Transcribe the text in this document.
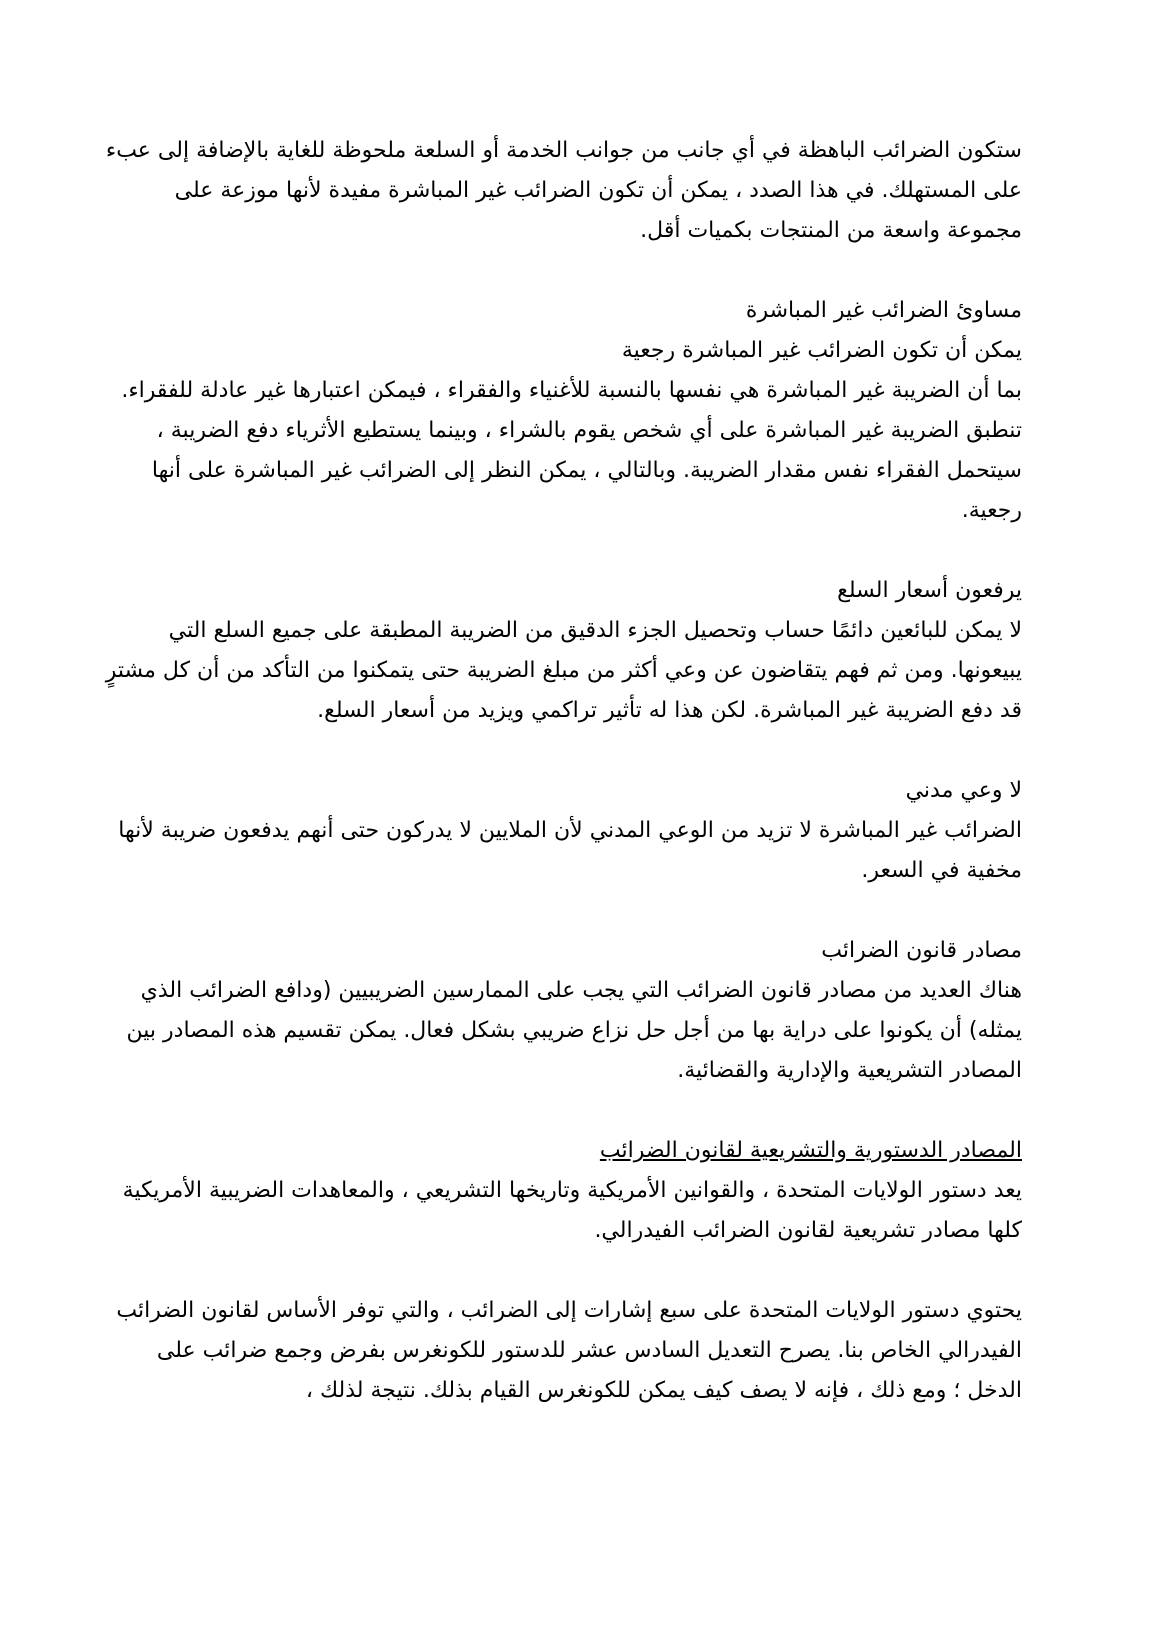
ستكون الضرائب الباهظة في أي جانب من جوانب الخدمة أو السلعة ملحوظة للغاية بالإضافة إلى عبء على المستهلك. في هذا الصدد ، يمكن أن تكون الضرائب غير المباشرة مفيدة لأنها موزعة على مجموعة واسعة من المنتجات بكميات أقل.

مساوئ الضرائب غير المباشرة

يمكن أن تكون الضرائب غير المباشرة رجعية

بما أن الضريبة غير المباشرة هي نفسها بالنسبة للأغنياء والفقراء ، فيمكن اعتبارها غير عادلة للفقراء. تنطبق الضريبة غير المباشرة على أي شخص يقوم بالشراء ، وبينما يستطيع الأثرياء دفع الضريبة ، سيتحمل الفقراء نفس مقدار الضريبة. وبالتالي ، يمكن النظر إلى الضرائب غير المباشرة على أنها رجعية.

يرفعون أسعار السلع

لا يمكن للبائعين دائمًا حساب وتحصيل الجزء الدقيق من الضريبة المطبقة على جميع السلع التي يبيعونها. ومن ثم فهم يتقاضون عن وعي أكثر من مبلغ الضريبة حتى يتمكنوا من التأكد من أن كل مشترٍ قد دفع الضريبة غير المباشرة. لكن هذا له تأثير تراكمي ويزيد من أسعار السلع.

لا وعي مدني

الضرائب غير المباشرة لا تزيد من الوعي المدني لأن الملايين لا يدركون حتى أنهم يدفعون ضريبة لأنها مخفية في السعر.

مصادر قانون الضرائب

هناك العديد من مصادر قانون الضرائب التي يجب على الممارسين الضريبيين (ودافع الضرائب الذي يمثله) أن يكونوا على دراية بها من أجل حل نزاع ضريبي بشكل فعال. يمكن تقسيم هذه المصادر بين المصادر التشريعية والإدارية والقضائية.

المصادر الدستورية والتشريعية لقانون الضرائب

يعد دستور الولايات المتحدة ، والقوانين الأمريكية وتاريخها التشريعي ، والمعاهدات الضريبية الأمريكية كلها مصادر تشريعية لقانون الضرائب الفيدرالي.

يحتوي دستور الولايات المتحدة على سبع إشارات إلى الضرائب ، والتي توفر الأساس لقانون الضرائب الفيدرالي الخاص بنا. يصرح التعديل السادس عشر للدستور للكونغرس بفرض وجمع ضرائب على الدخل ؛ ومع ذلك ، فإنه لا يصف كيف يمكن للكونغرس القيام بذلك. نتيجة لذلك ،
